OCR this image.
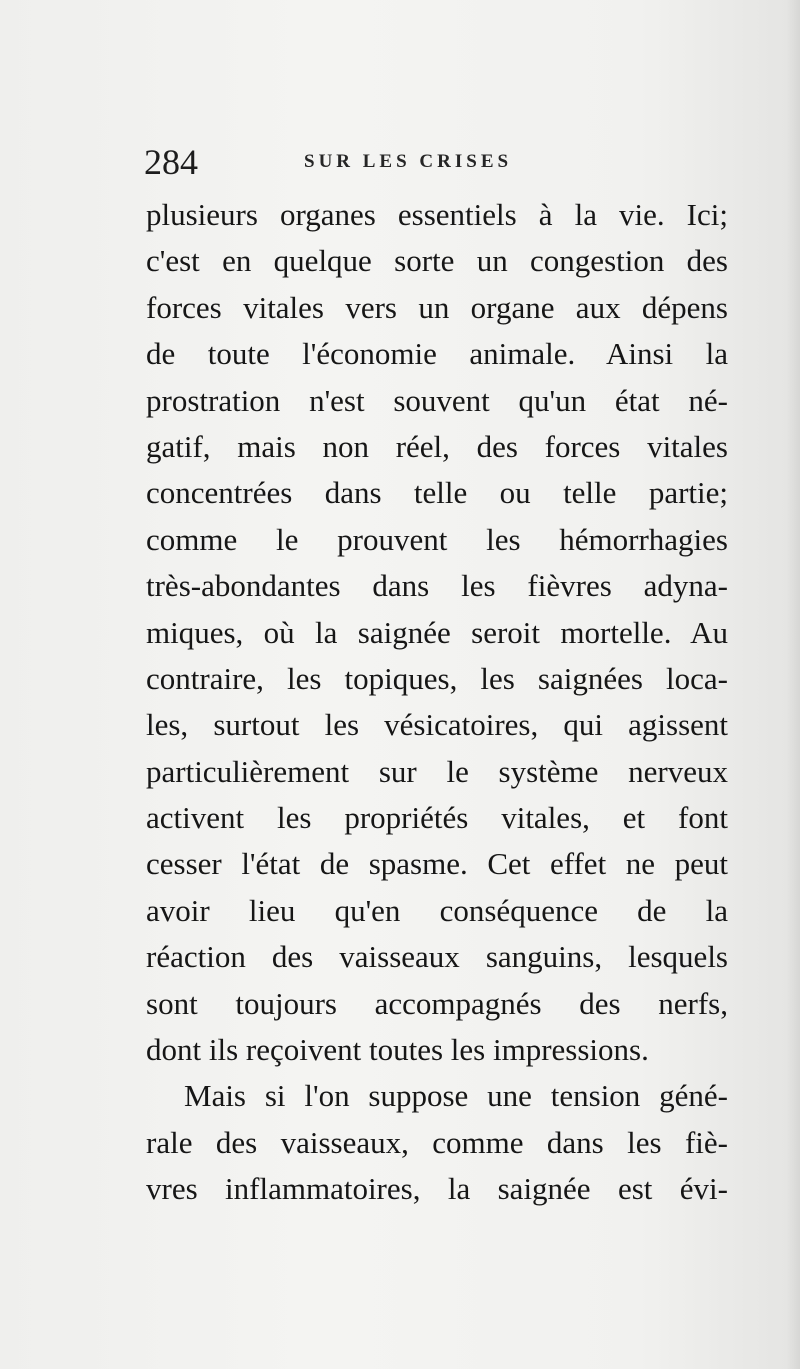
284	SUR LES CRISES
plusieurs organes essentiels à la vie. Ici;
c'est en quelque sorte un congestion des
forces vitales vers un organe aux dépens
de toute l'économie animale. Ainsi la
prostration n'est souvent qu'un état né-
gatif, mais non réel, des forces vitales
concentrées dans telle ou telle partie;
comme le prouvent les hémorrhagies
très-abondantes dans les fièvres adyna-
miques, où la saignée seroit mortelle. Au
contraire, les topiques, les saignées loca-
les, surtout les vésicatoires, qui agissent
particulièrement sur le système nerveux
activent les propriétés vitales, et font
cesser l'état de spasme. Cet effet ne peut
avoir lieu qu'en conséquence de la
réaction des vaisseaux sanguins, lesquels
sont toujours accompagnés des nerfs,
dont ils reçoivent toutes les impressions.
Mais si l'on suppose une tension géné-
rale des vaisseaux, comme dans les fiè-
vres inflammatoires, la saignée est évi-
